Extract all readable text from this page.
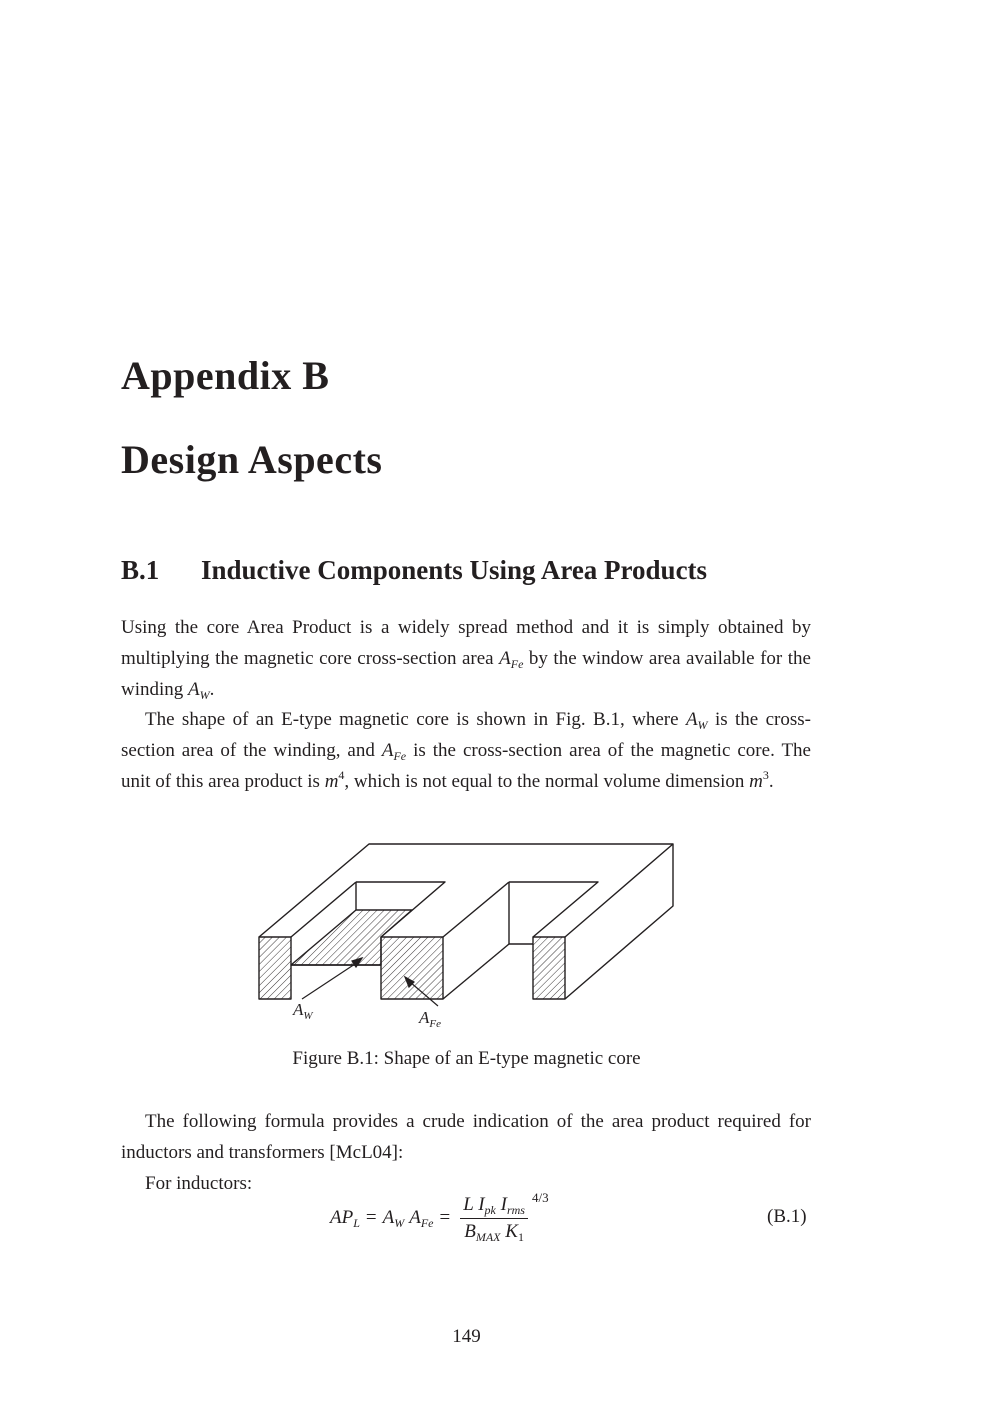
Appendix B
Design Aspects
B.1 Inductive Components Using Area Products

Using the core Area Product is a widely spread method and it is simply obtained by multiplying the magnetic core cross-section area $A_{Fe}$ by the window area available for the winding $A_W$.

The shape of an E-type magnetic core is shown in Fig. B.1, where $A_W$ is the cross-section area of the winding, and $A_{Fe}$ is the cross-section area of the magnetic core. The unit of this area product is $m^4$, which is not equal to the normal volume dimension $m^3$.

$A_W$	$A_{Fe}$
Figure B.1: Shape of an E-type magnetic core

The following formula provides a crude indication of the area product required for inductors and transformers [McL04]:

For inductors:

$AP_L = A_W$ $A_{Fe} = \frac{L I_{pk} I_{rms}}{B_{MAX} K_1} 4/3$
(B.1)
149
